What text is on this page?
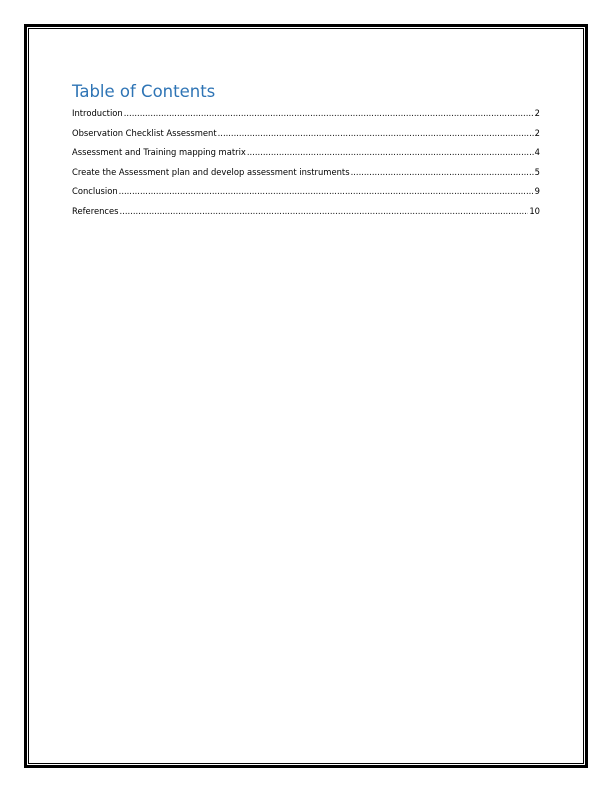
Table of Contents
Introduction .....	2
Observation Checklist Assessment .....	2
Assessment and Training mapping matrix .....	4
Create the Assessment plan and develop assessment instruments .....	5
Conclusion .....	9
References .....	10
